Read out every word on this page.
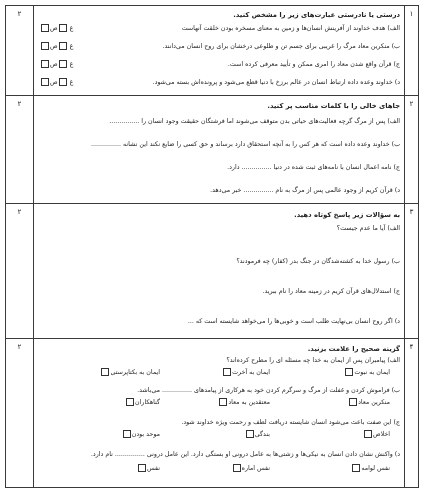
۱
۲	درستی یا نادرستی عبارت‌های زیر را مشخص کنید.
الف) هدف خداوند از آفرینش انسان‌ها و زمین به معنای مسخره بودن خلقت آنهاست
غ ص
ب) منکرین معاد مرگ را غریبی برای جسم تن و طلوعی درخشان برای روح انسان می‌دانند.
غ ص
ج) قرآن واقع شدن معاد را امری ممکن و تأیید معرفی کرده است.
غ ص
د) خداوند وعده داده ارتباط انسان در عالم برزخ با دنیا قطع می‌شود و پرونده‌اش بسته می‌شود.
غ ص
۲
۲	جاهای خالی را با کلمات مناسب پر کنید.
الف) پس از مرگ گرچه فعالیت‌های حیاتی بدن متوقف می‌شوند اما فرشتگان حقیقت وجود انسان را ...............
ب) خداوند وعده داده است که هر کس را به آنچه استحقاق دارد برساند و حق کسی را ضایع نکند این نشانه ...............
ج) نامه اعمال انسان با نامه‌های ثبت شده در دنیا ............... دارد.
د) قرآن کریم از وجود عالمی پس از مرگ به نام ............... خبر می‌دهد.
۳
۲	به سؤالات زیر پاسخ کوتاه دهید.
الف) آیا ما عدم جیست؟
ب) رسول خدا به کشته‌شدگان در جنگ بدر (کفار) چه فرمودند؟
ج) استدلال‌های قرآن کریم در زمینه معاد را نام ببرید.
د) اگر روح انسان بی‌نهایت طلب است و خوبی‌ها را می‌خواهد شایسته است که ...
۴
۲	گزینه صحیح را علامت بزنید.
الف) پیامبران پس از ایمان به خدا چه مسئله ای را مطرح کرده‌اند؟
ایمان به نبوت
ایمان به آخرت
ایمان به بکتاپرستی
ب) فراموش کردن و غفلت از مرگ و سرگرم کردن خود به هرکاری از پیامدهای ............... می‌باشد.
منکرین معاد
معتقدین به معاد
گناهکاران
ج) این صفت باعث می‌شود انسان شایسته دریافت لطف و رحمت ویژه خداوند شود.
اخلاص
بندگی
موحد بودن
د) واکنش نشان دادن انسان به نیکی‌ها و زشتی‌ها به عامل درونی او بستگی دارد. این عامل درونی ............... نام دارد.
نفس لوامه
نفس اماره
نفس
